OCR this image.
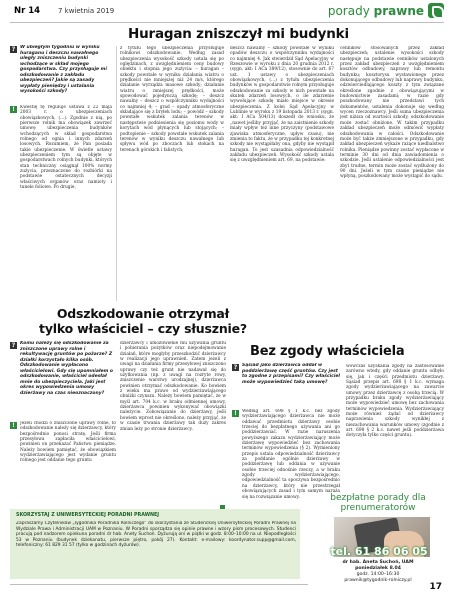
Nr 14	7 kwietnia 2019	porady prawne
Huragan zniszczył mi budynki
?	W ubiegłym tygodniu w wyniku huraganu i deszczu nawałnego uległy zniszczeniu budynki wchodzące w skład mojego gospodarstwa. Czy przysługuje mi odszkodowanie z zakładu ubezpieczeń? Jakie są zasady wypłaty pieniędzy i ustalania wysokości szkody?
!	Kwestię tę reguluje ustawa z 22 maja 2003 r. o ubezpieczeniach obowiązkowych, (...). Zgodnie z nią, po pierwsze rolnik ma obowiązek zawrzeć umowę ubezpieczenia budynków wchodzących w skład gospodarstwa rolnego od ognia i innych zdarzeń losowych. Rozumiem, że Pan posiada takie ubezpieczenie. W świetle ustawy ubezpieczeniem tym są objęte w gospodarstwach rolnych budynki, których stan techniczny osiągnął 100% normy zużycia, przeznaczone do rozbiórki na podstawie ostatecznych decyzji właściwych organów oraz namioty i tunele foliowe. Po drugie,
z tytułu tego ubezpieczenia przysługuje rolnikowi odszkodowanie. Według zasad ubezpieczenia wysokość szkody ustala się po oględzinach, z uwzględnieniem ceny budowy obiektu i stopnia jego zużycia: – huragan – szkody powstałe w wyniku działania wiatru o prędkości nie mniejszej niż 24 m/s, którego działanie wyrządza masowe szkody; działanie wiatru o mniejszej prędkości, może spowodować pojedynczą szkodę; – deszcz nawalny – deszcz o współczynniku wydajności co najmniej 4; – grad – opady atmosferyczne składające się z bryłek lodu; – powódź – szkody powstałe wskutek zalania terenów w następstwie podniesienia się poziomu wody w korytach wód płynących lub stojących; – podtopienie – szkody powstałe wskutek zalania terenów w wyniku deszczu nawalnego lub spływu wód po zboczach lub stokach na terenach górskich i falistych;
deszcz nawalny – szkody powstałe w wyniku opadów deszczu o współczynniku wydajności co najmniej 4. Jak stwierdził Sąd Apelacyjny w Rzeszowie w wyroku z dnia 20 grudnia 2012 r. (sygn. akt: I ACa 389/12), stosownie do art. 67 ust. 1 ustawy o ubezpieczeniach obowiązkowych, (...) z tytułu ubezpieczenia budynków w gospodarstwie rolnym przysługuje odszkodowanie za szkody w nich powstałe na skutek zdarzeń losowych, o ile zdarzenie wywołujące szkodę miało miejsce w okresie ubezpieczenia. Z kolei Sąd Apelacyjny w Lublinie w wyroku z 19 listopada 2013 r. (sygn. akt: I ACa 504/13) doszedł do wniosku, że „nawet jeśliby przyjąć, że na zaistnienie szkody miały wpływ też inne przyczyny (podstawowe zjawiska atmosferyczne, upływ czasu), nie zmienia to faktu, że w przypadku tej konkretnej szkody nie wystąpiłaby ona, gdyby nie wystąpił huragan. To jest uzasadnia odpowiedzialność zakładu ubezpieczeń. Wysokość szkody ustala się z uwzględnieniem art. 69, na podstawie:
cenników stosowanych przez zakład ubezpieczeń; ustalenie wysokości szkody następuje na podstawie cenników ustalonych przez zakład ubezpieczeń z uwzględnieniem kosztów odbudowy, naprawy lub remontu budynku; kosztorysu wystawionego przez dokonującego odbudowy lub naprawy budynku, odzwierciedlającego koszty z tym związane określone zgodnie z obowiązującymi w budownictwie zasadami; w razie gdy poszkodowany nie przedstawi tych dokumentów, ustalenia dokonuje się według wycen rzeczoznawcy. Jeśli suma ubezpieczenia jest niższa od wartości szkody, odszkodowanie może zostać obniżone. W takim przypadku zakład ubezpieczeń może odmówić wypłaty odszkodowania w całości. Odszkodowanie może być także zmniejszone w przypadku, gdy zakład ubezpieczeń wykaże rażące niedbalstwo rolnika. Pieniądze powinny zostać wypłacone w terminie 30 dni od dnia zawiadomienia o szkodzie. Jeśli ustalenie odpowiedzialności jest zbyt trudne, termin może zostać wydłużony do 90 dni. Jeżeli w tym czasie pieniądze nie wpłyną, poszkodowany może wystąpić do sądu.
Odszkodowanie otrzymał tylko właściciel – czy słusznie?
?	Komu należy się odszkodowanie za zniszczone uprawy rolne i rekultywację gruntów po pożarze? Z działki korzystało kilka osób. Odszkodowanie wypłacono właścicielowi. Gdy się upomniałem o odszkodowanie, właściciel odesłał mnie do ubezpieczyciela. Jaki jest okres wypowiedzenia umowy dzierżawy na czas nieoznaczony?
!	Jeżeli chodzi o zniszczone uprawy rolne, to odszkodowanie należy się dzierżawcy, który bezpośrednio ponosi stratę. Jeśli firma przesyłowa zapłaciła właścicielowi, powinien on przekazać Państwu pieniądze. Należy bowiem pamiętać, że obowiązkiem wydzierżawiającego jest wydanie gruntu rolnego jest oddanie tego gruntu
dzierżawcy i umożliwienie mu używania gruntu i pobierania pożytków oraz niepodejmowanie działań, które mogłyby przeszkodzić dzierżawcy w realizacji jego uprawnień. Zatem jeżeli z uwagi na działania firmy przesyłowej zniszczono uprawy czy też grunt nie nadawał się do użytkowania (np. z uwagi na rozryte rowy, zniszczenie warstwy urodzajnej), dzierżawca powinien otrzymać odszkodowanie. Ko bowiem z wieku ma prawo od wydzierżawiającego obniżki czynszu. Należy bowiem pamiętać, że w myśl art. 704 k.c. w braku odmiennej umowy, dzierżawca powinien wykonywać obowiązki należycie. Zobowiązanie do dzierżawy, jeśli bowiem wprost nie określono, należy przyjąć, że w czasie trwania dzierżawy tak duży zakres zmian leży po stronie dzierżawcy.
Bez zgody właściciela
?	Sąsiad jako dzierżawca oddał w poddzierżawę część gruntów. Czy jest to zgodne z przepisami? Czy właściciel może wypowiedzieć taką umowę?
!	Według art. 698 § 1 k.c. bez zgody wydzierżawiającego dzierżawca nie może oddawać przedmiotu dzierżawy osobie trzeciej do bezpłatnego używania ani go poddzierżawiać. W razie naruszenia powyższego zakazu wydzierżawiający może dzierżawę wypowiedzieć bez zachowania terminów wypowiedzenia (§ 2). Wymieniony przepis ustala odpowiedzialność dzierżawcy za poddanie ogólnie dzierżawy w poddzierżawę lub oddania w używanie osobie trzeciej odnośnie rzeczy, a w braku zgody wydzierżawiającego, odpowiedzialność ta spoczywa bezpośrednio na dzierżawcy, który nie przestrzegał obowiązujących zasad i tym samym naraża się na rozwiązanie umowy.
wówczas uzyskania zgody na zastosowanie zarówno wtedy, gdy oddanie gruntu odbyło się, jak i części przedmiotu dzierżawy. Sąsiad przepis art. 698 § 1 k.c. wymaga zgody wydzierżawiającego na zawarcie umowy przez dzierżawcę z osobą trzecią. W przypadku braku zgody wydzierżawiający może wypowiedzieć umowę bez zachowania terminów wypowiedzenia. Wydzierżawiający może również żądać od dzierżawcy naprawienia szkody wynikłej z niezachowania warunków umowy (zgodnie z art. 698 § 2 k.c. nawet jeśli poddzierżawa dotyczyła tylko części gruntu).
SKORZYSTAJ Z UNIWERSYTECKIEJ PORADNI PRAWNEJ
Zapraszamy Czytelników „Tygodnika Poradnika Rolniczego” do skorzystania ze Studenckiej Uniwersyteckiej Poradni Prawnej na Wydziale Prawa i Administracji UAM w Poznaniu. W Poradni sporządza się opinie prawne i wzory pism procesowych. Studenci pracują pod nadzorem opiekuna poradni dr hab. Anety Suchoń. Dyżurują oni w piątki w godz. 8:00–10:00 na ul. Niepodległości 53 w Poznaniu (budynek dziekanatu, pierwsze piętro, pokój 27). Kontakt: e-mailowy: koordynator.supp@gmail.com, telefoniczny: 61 829 31 57 (tylko w godzinach dyżurów).
bezpłatne porady dla prenumeratorów
tel. 61 86 06 05
dr hab. Aneta Suchoń, UAM
poniedziałek 8.04
godz. 14:00–16:30
prawnik@tygodnik-rolniczy.pl
17
